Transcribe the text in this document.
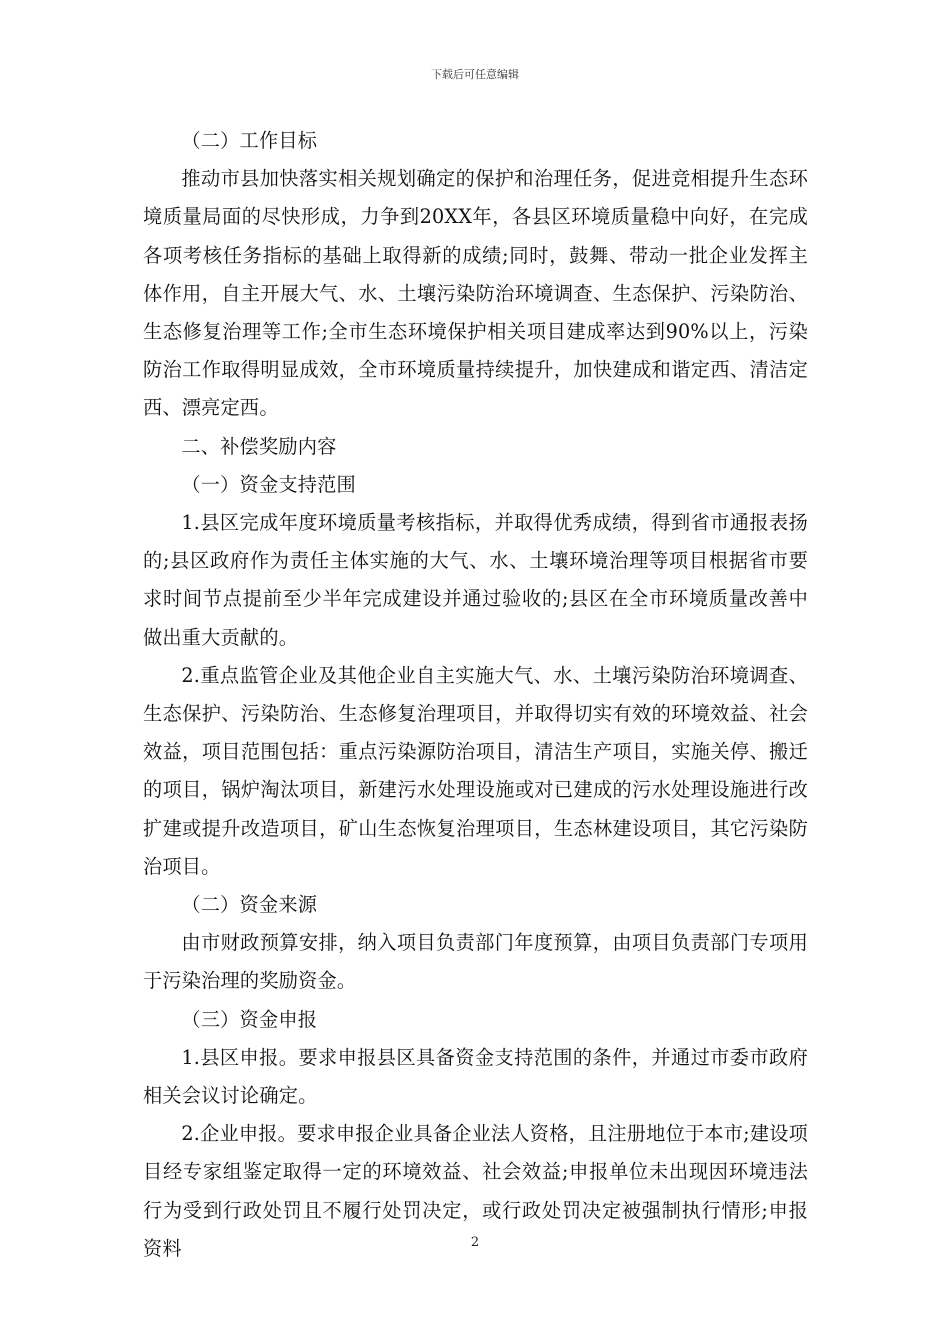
下载后可任意编辑

（二）工作目标

推动市县加快落实相关规划确定的保护和治理任务，促进竞相提升生态环境质量局面的尽快形成，力争到20XX年，各县区环境质量稳中向好，在完成各项考核任务指标的基础上取得新的成绩;同时，鼓舞、带动一批企业发挥主体作用，自主开展大气、水、土壤污染防治环境调查、生态保护、污染防治、生态修复治理等工作;全市生态环境保护相关项目建成率达到90%以上，污染防治工作取得明显成效，全市环境质量持续提升，加快建成和谐定西、清洁定西、漂亮定西。

二、补偿奖励内容

（一）资金支持范围

1.县区完成年度环境质量考核指标，并取得优秀成绩，得到省市通报表扬的;县区政府作为责任主体实施的大气、水、土壤环境治理等项目根据省市要求时间节点提前至少半年完成建设并通过验收的;县区在全市环境质量改善中做出重大贡献的。

2.重点监管企业及其他企业自主实施大气、水、土壤污染防治环境调查、生态保护、污染防治、生态修复治理项目，并取得切实有效的环境效益、社会效益，项目范围包括：重点污染源防治项目，清洁生产项目，实施关停、搬迁的项目，锅炉淘汰项目，新建污水处理设施或对已建成的污水处理设施进行改扩建或提升改造项目，矿山生态恢复治理项目，生态林建设项目，其它污染防治项目。

（二）资金来源

由市财政预算安排，纳入项目负责部门年度预算，由项目负责部门专项用于污染治理的奖励资金。

（三）资金申报

1.县区申报。要求申报县区具备资金支持范围的条件，并通过市委市政府相关会议讨论确定。

2.企业申报。要求申报企业具备企业法人资格，且注册地位于本市;建设项目经专家组鉴定取得一定的环境效益、社会效益;申报单位未出现因环境违法行为受到行政处罚且不履行处罚决定，或行政处罚决定被强制执行情形;申报资料	2
